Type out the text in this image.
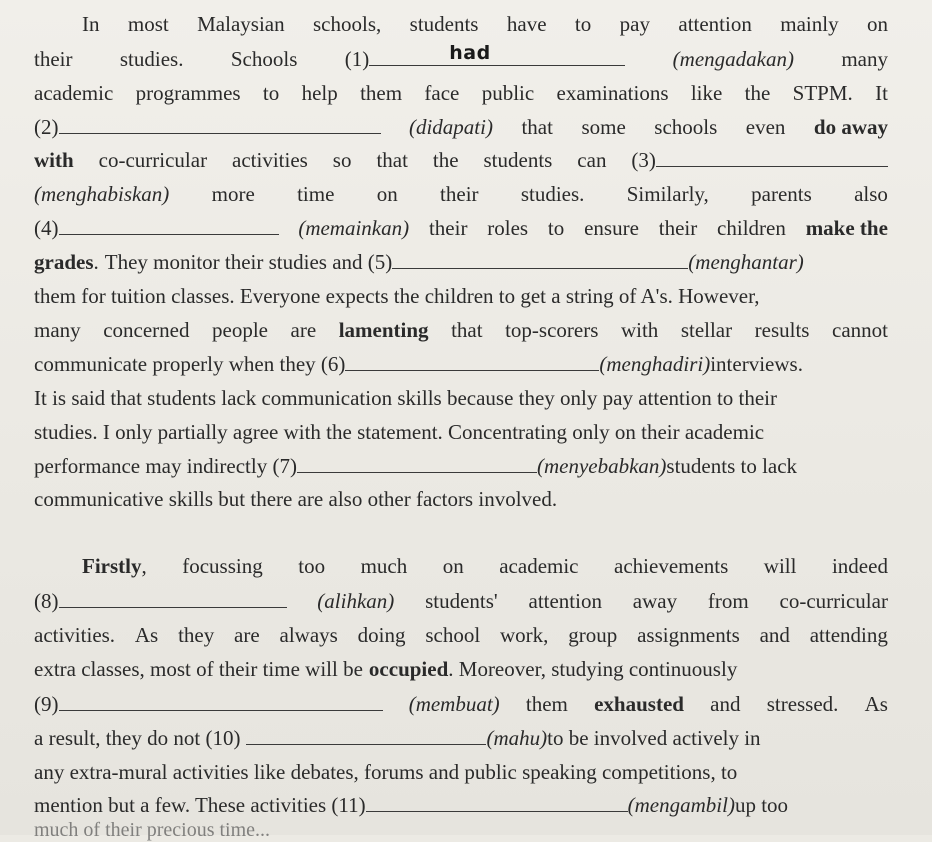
In most Malaysian schools, students have to pay attention mainly on
their studies. Schools (1)	had	(mengadakan) many
academic programmes to help them face public examinations like the STPM. It
(2)	(didapati) that some schools even do away
with co-curricular activities so that the students can (3)
(menghabiskan) more time on their studies. Similarly, parents also
(4)	(memainkan) their roles to ensure their children make the
grades . They monitor their studies and (5)	(menghantar)
them for tuition classes. Everyone expects the children to get a string of A's. However,
many concerned people are lamenting that top-scorers with stellar results cannot
communicate properly when they (6)	(menghadiri) interviews.
It is said that students lack communication skills because they only pay attention to their
studies. I only partially agree with the statement. Concentrating only on their academic
performance may indirectly (7)	(menyebabkan) students to lack
communicative skills but there are also other factors involved.
Firstly, focussing too much on academic achievements will indeed
(8)	(alihkan) students' attention away from co-curricular
activities. As they are always doing school work, group assignments and attending
extra classes, most of their time will be occupied . Moreover, studying continuously
(9)	(membuat) them exhausted and stressed. As
a result, they do not (10)	(mahu) to be involved actively in
any extra-mural activities like debates, forums and public speaking competitions, to
mention but a few. These activities (11)	(mengambil) up too
much of their precious time...
